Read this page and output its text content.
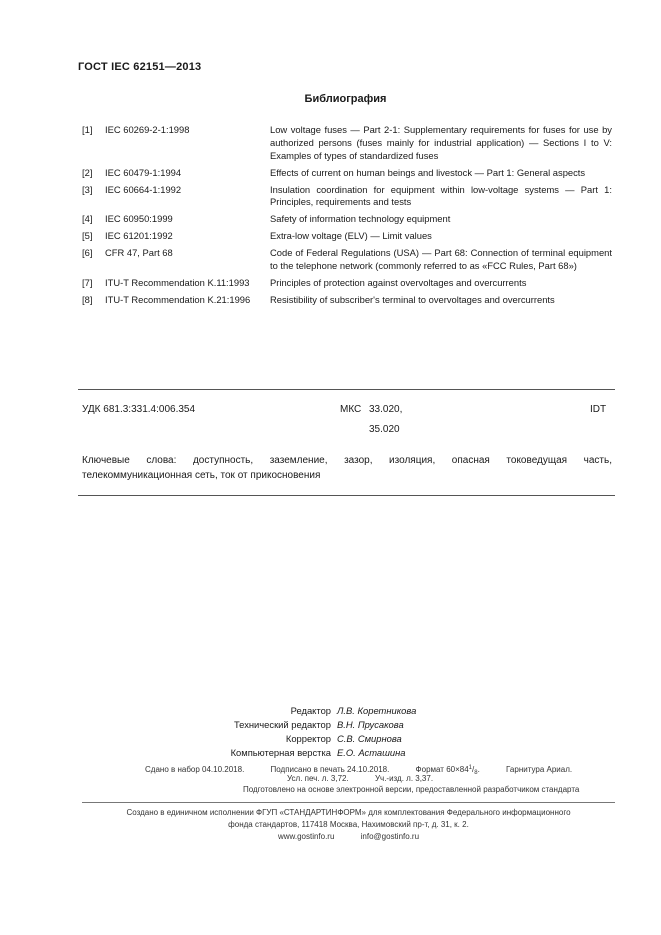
ГОСТ IEC 62151—2013
Библиография
[1]	IEC 60269-2-1:1998	Low voltage fuses — Part 2-1: Supplementary requirements for fuses for use by authorized persons (fuses mainly for industrial application) — Sections I to V: Examples of types of standardized fuses
[2]	IEC 60479-1:1994	Effects of current on human beings and livestock — Part 1: General aspects
[3]	IEC 60664-1:1992	Insulation coordination for equipment within low-voltage systems — Part 1: Principles, requirements and tests
[4]	IEC 60950:1999	Safety of information technology equipment
[5]	IEC 61201:1992	Extra-low voltage (ELV) — Limit values
[6]	CFR 47, Part 68	Code of Federal Regulations (USA) — Part 68: Connection of terminal equipment to the telephone network (commonly referred to as «FCC Rules, Part 68»)
[7]	ITU-T Recommendation K.11:1993	Principles of protection against overvoltages and overcurrents
[8]	ITU-T Recommendation K.21:1996	Resistibility of subscriber's terminal to overvoltages and overcurrents
УДК 681.3:331.4:006.354	МКС 33.020,
35.020
IDT
Ключевые слова: доступность, заземление, зазор, изоляция, опасная токоведущая часть, телекоммуникационная сеть, ток от прикосновения
Редактор Л.В. Коретникова
Технический редактор В.Н. Прусакова
Корректор С.В. Смирнова
Компьютерная верстка Е.О. Асташина
Сдано в набор 04.10.2018.	Подписано в печать 24.10.2018.	Формат $60\times 84^1/_8$.	Гарнитура Ариал.
Усл. печ. л. 3,72.	Уч.-изд. л. 3,37.
Подготовлено на основе электронной версии, предоставленной разработчиком стандарта
Создано в единичном исполнении ФГУП «СТАНДАРТИНФОРМ» для комплектования Федерального информационного
фонда стандартов, 117418 Москва, Нахимовский пр-т, д. 31, к. 2.
www.gostinfo.ru	info@gostinfo.ru
